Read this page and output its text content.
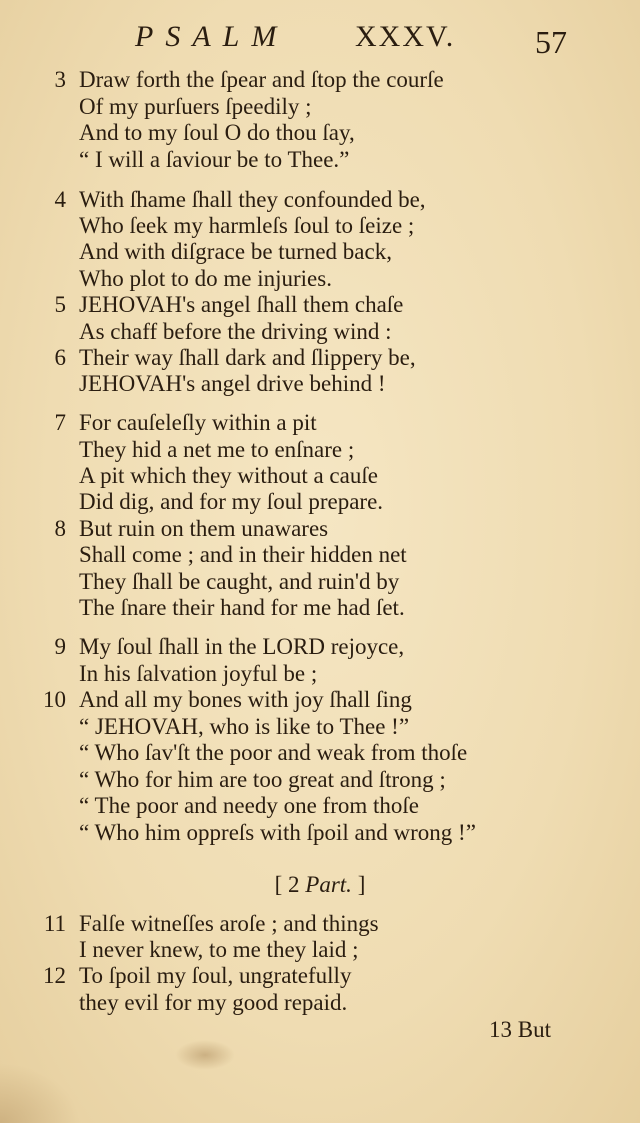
PSALM XXXV. 57
3 Draw forth the ſpear and ſtop the courſe
Of my purſuers ſpeedily ;
And to my ſoul O do thou ſay,
“ I will a ſaviour be to Thee.”
4 With ſhame ſhall they confounded be,
Who ſeek my harmleſs ſoul to ſeize ;
And with diſgrace be turned back,
Who plot to do me injuries.
5 JEHOVAH's angel ſhall them chaſe
As chaff before the driving wind :
6 Their way ſhall dark and ſlippery be,
JEHOVAH's angel drive behind !
7 For cauſeleſly within a pit
They hid a net me to enſnare ;
A pit which they without a cauſe
Did dig, and for my ſoul prepare.
8 But ruin on them unawares
Shall come ; and in their hidden net
They ſhall be caught, and ruin'd by
The ſnare their hand for me had ſet.
9 My ſoul ſhall in the LORD rejoyce,
In his ſalvation joyful be ;
10 And all my bones with joy ſhall ſing
“ JEHOVAH, who is like to Thee !”
“ Who ſav'ſt the poor and weak from thoſe
“ Who for him are too great and ſtrong ;
“ The poor and needy one from thoſe
“ Who him oppreſs with ſpoil and wrong !”
11 Falſe witneſſes aroſe ; and things
I never knew, to me they laid ;
12 To ſpoil my ſoul, ungratefully
they evil for my good repaid.
[ 2 Part. ]
13 But
